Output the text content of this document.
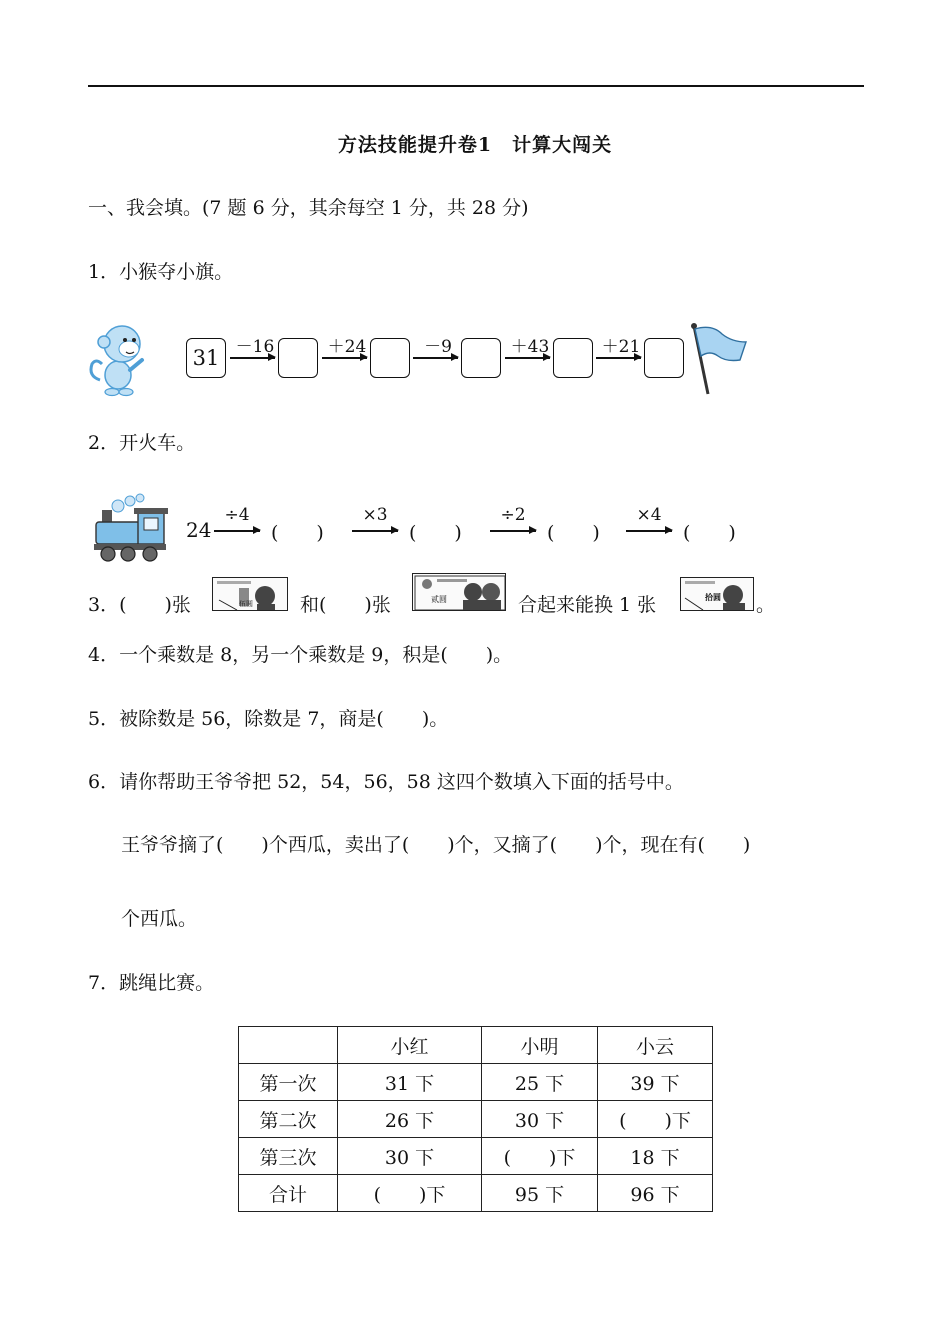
方法技能提升卷1　计算大闯关
一、我会填。(7 题 6 分，其余每空 1 分，共 28 分)
1．小猴夺小旗。
31 －16	＋24	－9	＋43	＋21
2．开火车。
24
÷4
(　　)
×3
(　　)
÷2
(　　)
×4
(　　)
3．(　　)张	伍圆 和(　　)张	贰圆	合起来能换 1 张	拾圆 。
4．一个乘数是 8，另一个乘数是 9，积是(　　)。
5．被除数是 56，除数是 7，商是(　　)。
6．请你帮助王爷爷把 52，54，56，58 这四个数填入下面的括号中。
王爷爷摘了(　　)个西瓜，卖出了(　　)个，又摘了(　　)个，现在有(　　)
个西瓜。
7．跳绳比赛。
	小红	小明	小云
第一次	31 下	25 下	39 下
第二次	26 下	30 下	(　　)下
第三次	30 下	(　　)下	18 下
合计	(　　)下	95 下	96 下
